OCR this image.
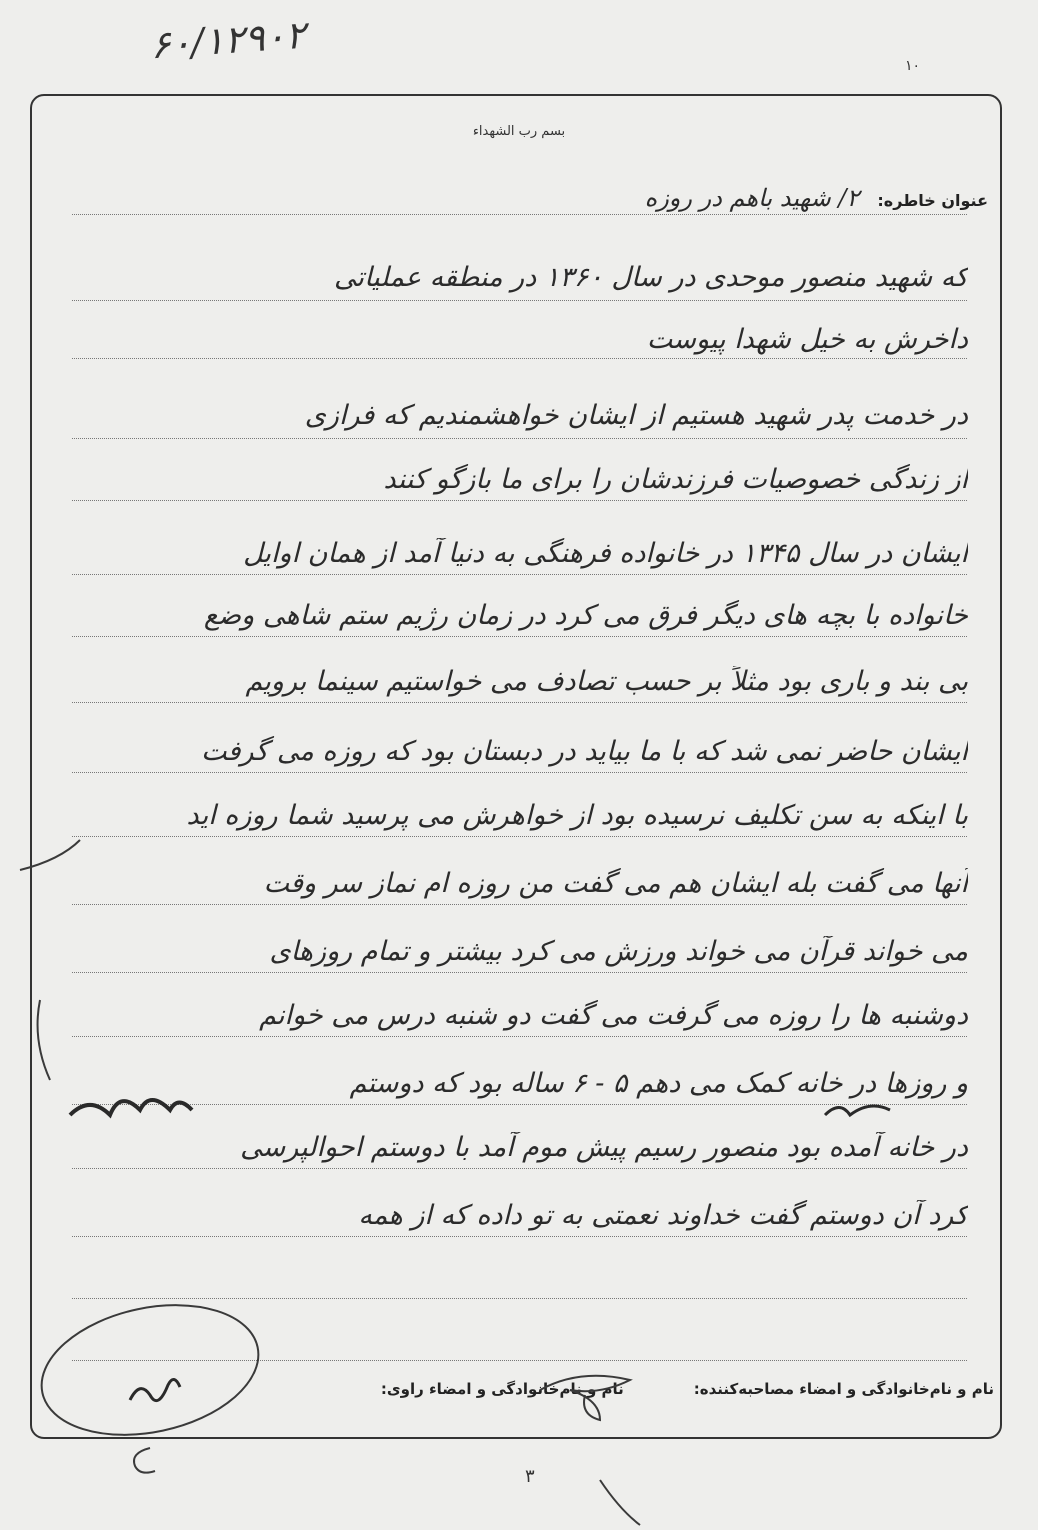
۶۰/۱۲۹۰۲	۱۰
بسم رب الشهداء
عنوان خاطره:
۲/ شهید باهم در روزه
که شهید منصور موحدی در سال ۱۳۶۰ در منطقه عملیاتی
داخرش به خیل شهدا پیوست
در خدمت پدر شهید هستیم از ایشان خواهشمندیم که فرازی
از زندگی خصوصیات فرزندشان را برای ما بازگو کنند
ایشان در سال ۱۳۴۵ در خانواده فرهنگی به دنیا آمد از همان اوایل
خانواده با بچه های دیگر فرق می کرد در زمان رژیم ستم شاهی وضع
بی بند و باری بود مثلاً بر حسب تصادف می خواستیم سینما برویم
ایشان حاضر نمی شد که با ما بیاید در دبستان بود که روزه می گرفت
با اینکه به سن تکلیف نرسیده بود از خواهرش می پرسید شما روزه اید
آنها می گفت بله ایشان هم می گفت من روزه ام نماز سر وقت
می خواند قرآن می خواند ورزش می کرد بیشتر و تمام روزهای
دوشنبه ها را روزه می گرفت می گفت دو شنبه درس می خوانم
و روزها در خانه کمک می دهم ۵ - ۶ ساله بود که دوستم
در خانه آمده بود منصور رسیم پیش موم آمد با دوستم احوالپرسی
کرد آن دوستم گفت خداوند نعمتی به تو داده که از همه
نام و نام‌خانوادگی و امضاء مصاحبه‌کننده:
نام و نام‌خانوادگی و امضاء راوی:
۳
